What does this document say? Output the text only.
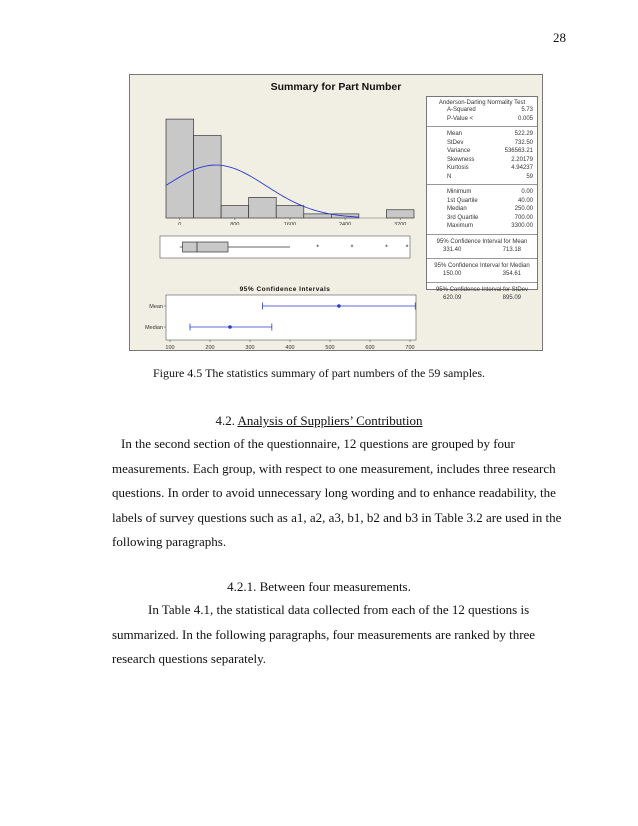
28
Summary for Part Number
0	800	1600	2400	3200
*	*	*	*
95% Confidence Intervals
Mean
Median
100	200	300	400	500	600	700
Anderson-Darling Normality Test
A-Squared	5.73
P-Value <	0.005
Mean	522.29
StDev	732.50
Variance	536563.21
Skewness	2.20179
Kurtosis	4.94237
N	59
Minimum	0.00
1st Quartile	40.00
Median	250.00
3rd Quartile	700.00
Maximum	3300.00
95% Confidence Interval for Mean
331.40	713.18
95% Confidence Interval for Median
150.00	354.61
95% Confidence Interval for StDev
620.09	895.09
Figure 4.5 The statistics summary of part numbers of the 59 samples.
4.2. Analysis of Suppliers’ Contribution
In the second section of the questionnaire, 12 questions are grouped by four
measurements. Each group, with respect to one measurement, includes three research
questions. In order to avoid unnecessary long wording and to enhance readability, the
labels of survey questions such as a1, a2, a3, b1, b2 and b3 in Table 3.2 are used in the
following paragraphs.
4.2.1. Between four measurements.
In Table 4.1, the statistical data collected from each of the 12 questions is
summarized. In the following paragraphs, four measurements are ranked by three
research questions separately.
